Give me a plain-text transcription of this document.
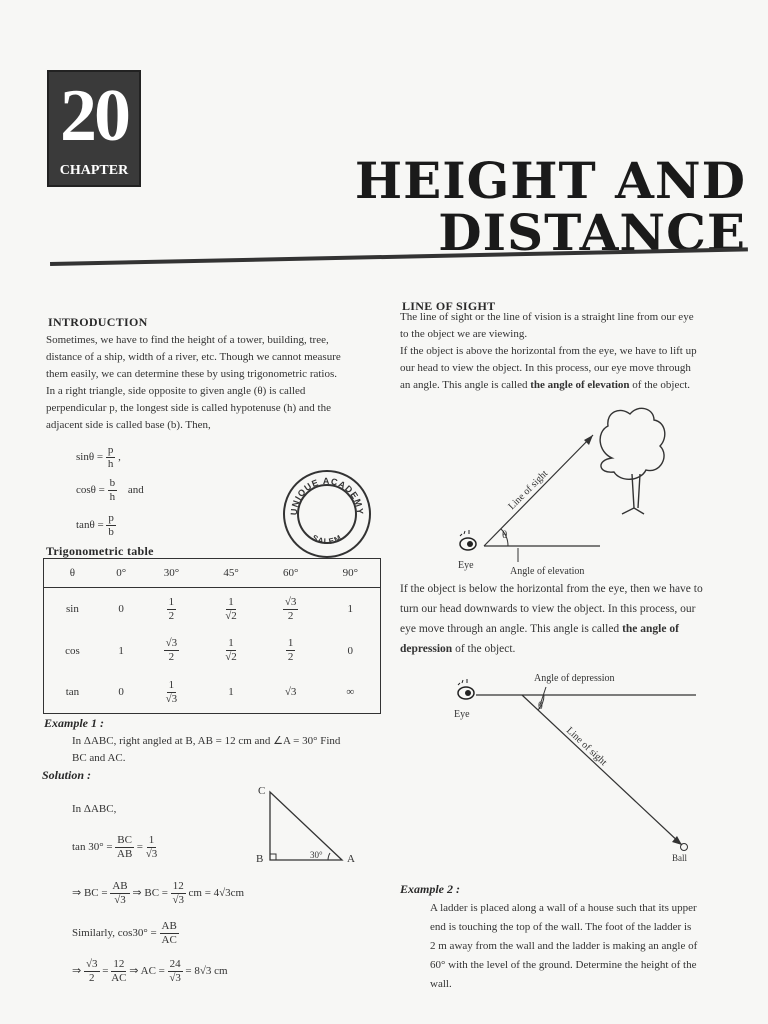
20
CHAPTER	HEIGHT AND
DISTANCE
INTRODUCTION
Sometimes, we have to find the height of a tower, building, tree,
distance of a ship, width of a river, etc. Though we cannot measure
them easily, we can determine these by using trigonometric ratios.
In a right triangle, side opposite to given angle (θ) is called
perpendicular p, the longest side is called hypotenuse (h) and the
adjacent side is called base (b). Then,
$\sin\theta = \frac{p}{h}$ ,
$\cos\theta = \frac{b}{h}$ and
$\tan\theta = \frac{p}{b}$
UNIQUE ACADEMY
SALEM
Trigonometric table
θ	0°	30°	45°	60°	90°
sin	0	$\frac{1}{2}$	$\frac{1}{√2}$	$\frac{√3}{2}$	1
cos	1	$\frac{√3}{2}$	$\frac{1}{√2}$	$\frac{1}{2}$	0
tan	0	$\frac{1}{√3}$	1	√3	∞
Example 1 :
In ΔABC, right angled at B, AB = 12 cm and ∠A = 30° Find
BC and AC.
Solution :
In ΔABC,
$\tan 30^\circ = \frac{BC}{AB} = \frac{1}{√3}$
⇒ BC = $\frac{AB}{√3}$ ⇒ BC = $\frac{12}{√3}$ cm = 4√3cm
Similarly, $\cos 30^\circ = \frac{AB}{AC}$
⇒ $\frac{√3}{2} = \frac{12}{AC}$ ⇒ AC = $\frac{24}{√3} = 8√3$ cm
C
B	A
30°
LINE OF SIGHT
The line of sight or the line of vision is a straight line from our eye
to the object we are viewing.
If the object is above the horizontal from the eye, we have to lift up
our head to view the object. In this process, our eye move through
an angle. This angle is called the angle of elevation of the object.
θ
Eye
Angle of elevation
Line of sight
If the object is below the horizontal from the eye, then we have to
turn our head downwards to view the object. In this process, our
eye move through an angle. This angle is called the angle of
depression of the object.
Angle of depression
θ
Eye
Ball
Line of sight
Example 2 :
A ladder is placed along a wall of a house such that its upper
end is touching the top of the wall. The foot of the ladder is
2 m away from the wall and the ladder is making an angle of
60° with the level of the ground. Determine the height of the
wall.
